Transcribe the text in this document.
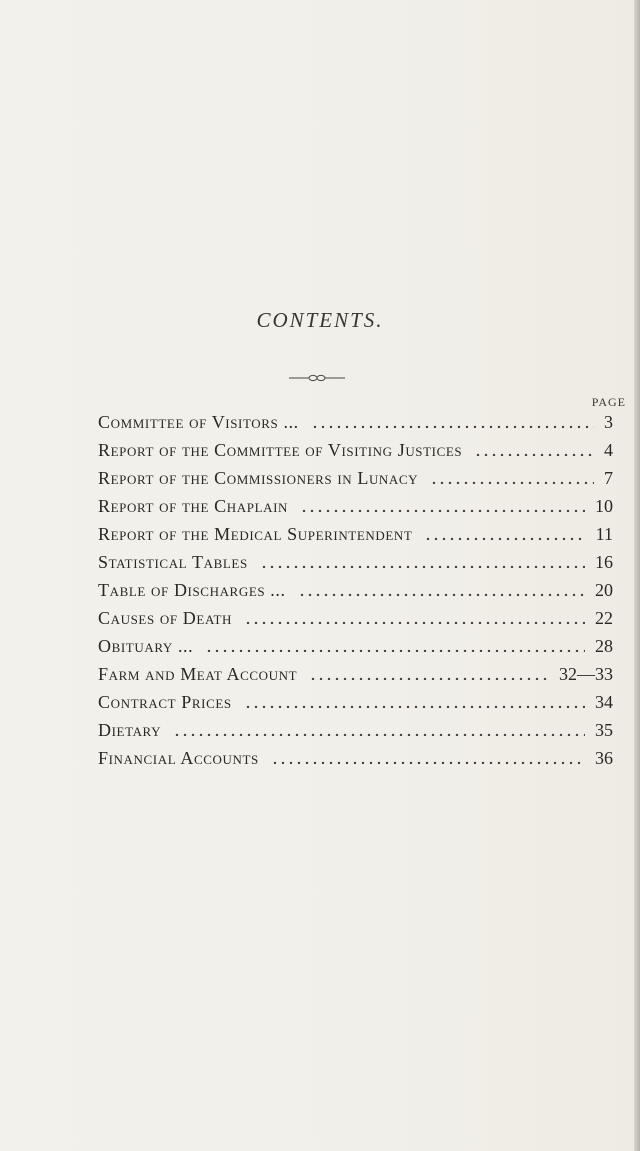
CONTENTS.
PAGE
Committee of Visitors ...	3
Report of the Committee of Visiting Justices	4
Report of the Commissioners in Lunacy	7
Report of the Chaplain	10
Report of the Medical Superintendent	11
Statistical Tables	16
Table of Discharges ...	20
Causes of Death	22
Obituary ...	28
Farm and Meat Account	32—33
Contract Prices	34
Dietary	35
Financial Accounts	36
